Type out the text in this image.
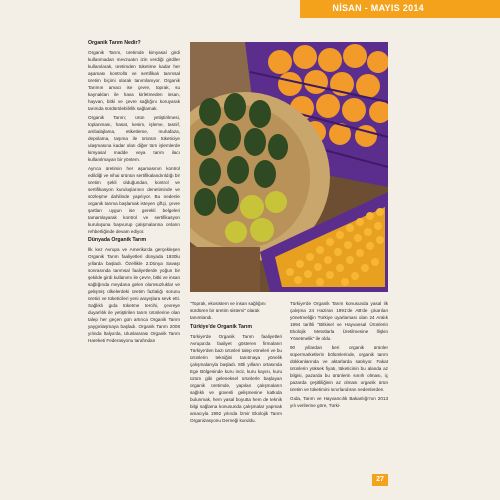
NİSAN - MAYIS 2014

Organik Tarım Nedir?

Organik Tarım, üretimde kimyasal girdi kullanmadan mevzuatın izin verdiği girdiler kullanılarak, üretimden tüketime kadar her aşaması kontrollü ve sertifikalı tarımsal üretim biçimi olarak tanımlanıyor. Organik Tarımın amacı ise çevre, toprak, su kaynakları ile hava kirletmeden insan, hayvan, bitki ve çevre sağlığını koruyarak tarımda sürdürülebilirlik sağlamak.

Organik Tarım; ürün yetiştirilmesi, toplanması, hasat, kesim, işleme, tasnif, ambalajlama, etiketleme, muhafaza, depolama, taşıma ile ürünün tüketiciye ulaşmasına kadar olan diğer tüm işlemlerde kimyasal madde veya tarım ilacı kullanılmayan bir yöntem.

Ayrıca üretimin her aşamasının kontrol edildiği ve nihai ürünün sertifikalandırıldığı bir üretim şekli olduğundan, kontrol ve sertifikasyon kuruluşlarının denetiminde ve sözleşme dahilinde yapılıyor. Bu nedenle organik tarıma başlamak isteyen çiftçi, çevre şartları uygun ise gerekli belgeleri tamamlayarak kontrol ve sertifikasyon kuruluşuna başvurup çalışmalarına onların rehberliğinde devam ediyor.

Dünyada Organik Tarım

İlk kez Avrupa ve Amerika'da gerçekleşen Organik Tarım faaliyetleri dünyada 1930lu yıllarda başladı. Özellikle 2.Dünya Savaşı sonrasında tarımsal faaliyetlerde yoğun bir şekilde girdi kullanımı ile çevre, bitki ve insan sağlığında meydana gelen olumsuzluklar ve gelişmiş ülkelerdeki üretim fazlalığı sorunu üretici ve tüketicileri yeni arayışlara sevk etti. Sağlıklı gıda tüketme tercihi, çevreye duyarlılık ile yetiştirilen tarım ürünlerine olan talep her geçen gün artınca Organik Tarım yaygınlaşmaya başladı. Organik Tarım 2008 yılında İtalya'da, Uluslararası Organik Tarım Hareketi Federasyonu tarafından

"Toprak, ekosistem ve insan sağlığını sürdüren bir üretim sistemi" olarak tanımlandı.

Türkiye'de Organik Tarım

Türkiye'de Organik Tarım faaliyetleri Avrupa'da faaliyet gösteren firmaların Türkiye'den bazı ürünleri talep etmeleri ve bu ürünlerin tekniğini tanıtmaya yönelik çalışmalarıyla başladı. 80li yılların ortasında Ege Bölgesinde kuru incir, kuru kayısı, kuru üzüm gibi geleneksel ürünlerle başlayan organik üretimde, yapılan çalışmaların sağlıklı ve güvenli gelişmesine katkıda bulunmak, hem yasal boyutta hem de teknik bilgi sağlama konusunda çalışmalar yapmak amacıyla 1992 yılında İzmir Ekolojik Tarım Organizasyonu Derneği kuruldu.

Türkiye'de Organik Tarım konusunda yasal ilk çalışma 24 Haziran 1991'de AB'de çıkarılan yönetmeliğin Türkiye uyarlaması olan 24 Aralık 1994 tarihli "Bitkisel ve Hayvansal Ürünlerin Ekolojik Metotlarla Üretilmesine İlişkin Yönetmelik" ile oldu.

90 yıllardan beri organik ürünler süpermarketlerin bölümlerinde, organik tarım dükkanlarında ve aktarlarda satılıyor. Fakat ürünlerin yüksek fiyatı, tüketicinin bu alanda az bilgisi, pazarda bu ürünlerin sınırlı olması, iç pazarda çeşitliliğinin az olması organik ürün üretim ve tüketimini sınırlandıran nedenlerden.

Gıda, Tarım ve Hayvancılık Bakanlığı'nın 2013 yılı verilerine göre, Türki-

27
